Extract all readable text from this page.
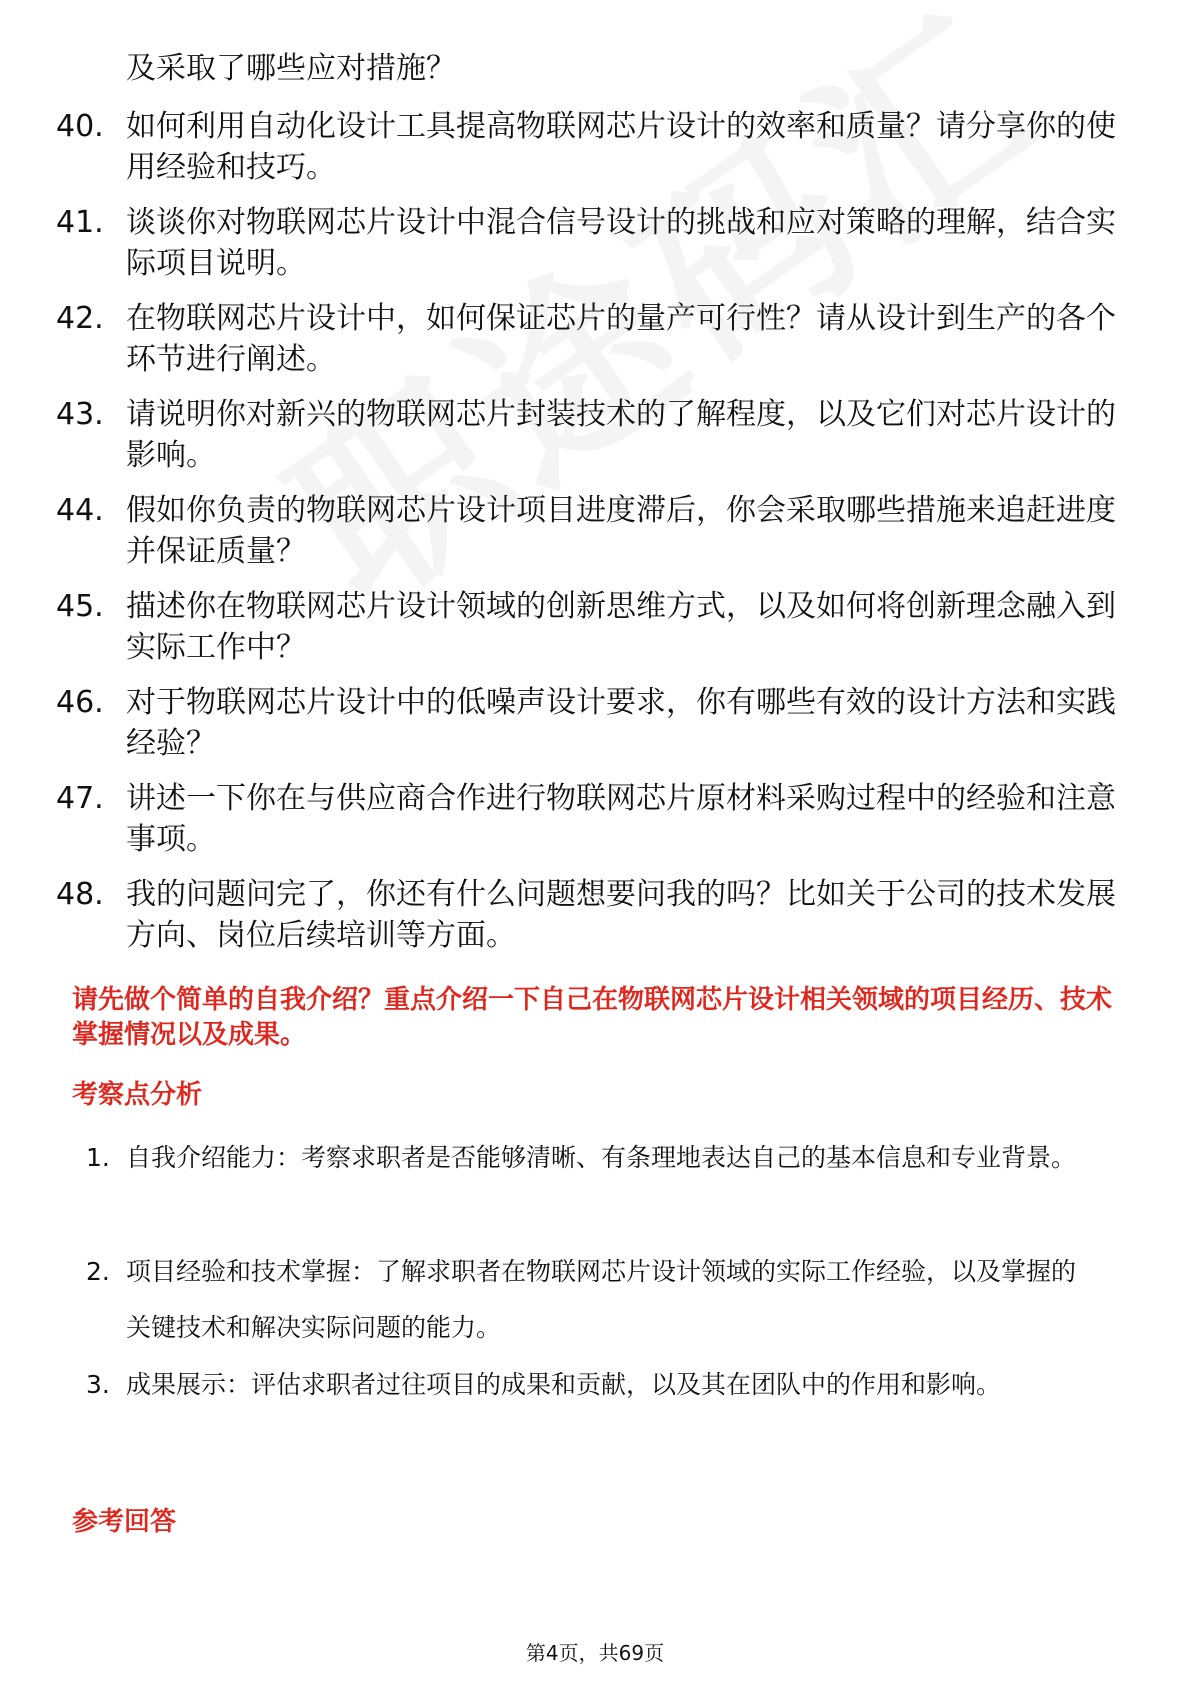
及采取了哪些应对措施？

40. 如何利用自动化设计工具提高物联网芯片设计的效率和质量？请分享你的使用经验和技巧。

41. 谈谈你对物联网芯片设计中混合信号设计的挑战和应对策略的理解，结合实际项目说明。

42. 在物联网芯片设计中，如何保证芯片的量产可行性？请从设计到生产的各个环节进行阐述。

43. 请说明你对新兴的物联网芯片封装技术的了解程度，以及它们对芯片设计的影响。

44. 假如你负责的物联网芯片设计项目进度滞后，你会采取哪些措施来追赶进度并保证质量？

45. 描述你在物联网芯片设计领域的创新思维方式，以及如何将创新理念融入到实际工作中？

46. 对于物联网芯片设计中的低噪声设计要求，你有哪些有效的设计方法和实践经验？

47. 讲述一下你在与供应商合作进行物联网芯片原材料采购过程中的经验和注意事项。

48. 我的问题问完了，你还有什么问题想要问我的吗？比如关于公司的技术发展方向、岗位后续培训等方面。

请先做个简单的自我介绍？重点介绍一下自己在物联网芯片设计相关领域的项目经历、技术掌握情况以及成果。
考察点分析
1. 自我介绍能力：考察求职者是否能够清晰、有条理地表达自己的基本信息和专业背景。

2. 项目经验和技术掌握：了解求职者在物联网芯片设计领域的实际工作经验，以及掌握的关键技术和解决实际问题的能力。

3. 成果展示：评估求职者过往项目的成果和贡献，以及其在团队中的作用和影响。

参考回答
第4页，共69页
